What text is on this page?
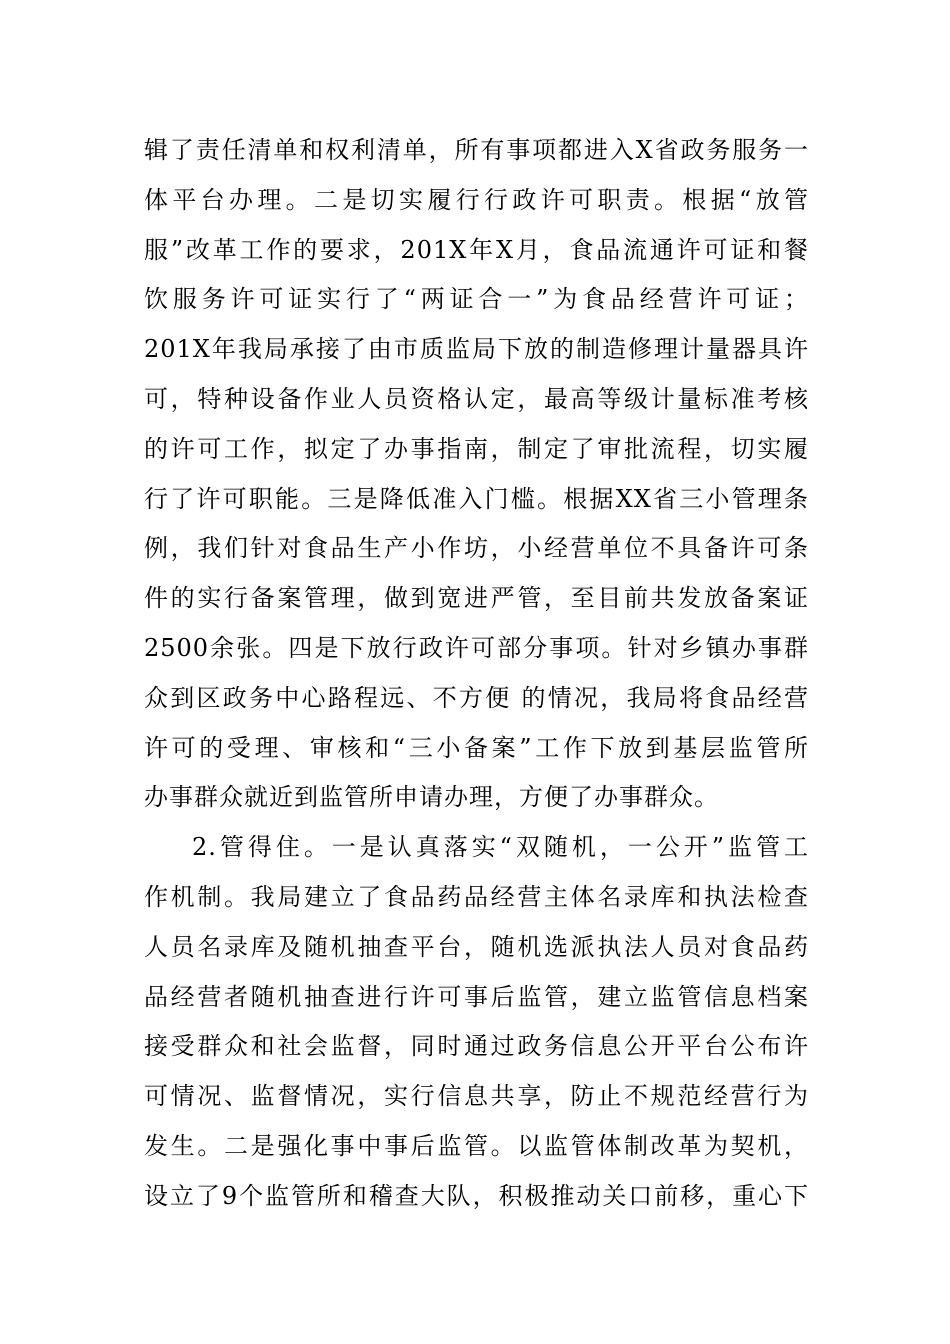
辑了责任清单和权利清单，所有事项都进入X省政务服务一
体平台办理。二是切实履行行政许可职责。根据“放管
服”改革工作的要求，201X年X月，食品流通许可证和餐
饮服务许可证实行了“两证合一”为食品经营许可证；
201X年我局承接了由市质监局下放的制造修理计量器具许
可，特种设备作业人员资格认定，最高等级计量标准考核
的许可工作，拟定了办事指南，制定了审批流程，切实履
行了许可职能。三是降低准入门槛。根据XX省三小管理条
例，我们针对食品生产小作坊，小经营单位不具备许可条
件的实行备案管理，做到宽进严管，至目前共发放备案证
2500余张。四是下放行政许可部分事项。针对乡镇办事群
众到区政务中心路程远、不方便 的情况，我局将食品经营
许可的受理、审核和“三小备案”工作下放到基层监管所
办事群众就近到监管所申请办理，方便了办事群众。
2.管得住。一是认真落实“双随机，一公开”监管工
作机制。我局建立了食品药品经营主体名录库和执法检查
人员名录库及随机抽查平台，随机选派执法人员对食品药
品经营者随机抽查进行许可事后监管，建立监管信息档案
接受群众和社会监督，同时通过政务信息公开平台公布许
可情况、监督情况，实行信息共享，防止不规范经营行为
发生。二是强化事中事后监管。以监管体制改革为契机，
设立了9个监管所和稽查大队，积极推动关口前移，重心下
